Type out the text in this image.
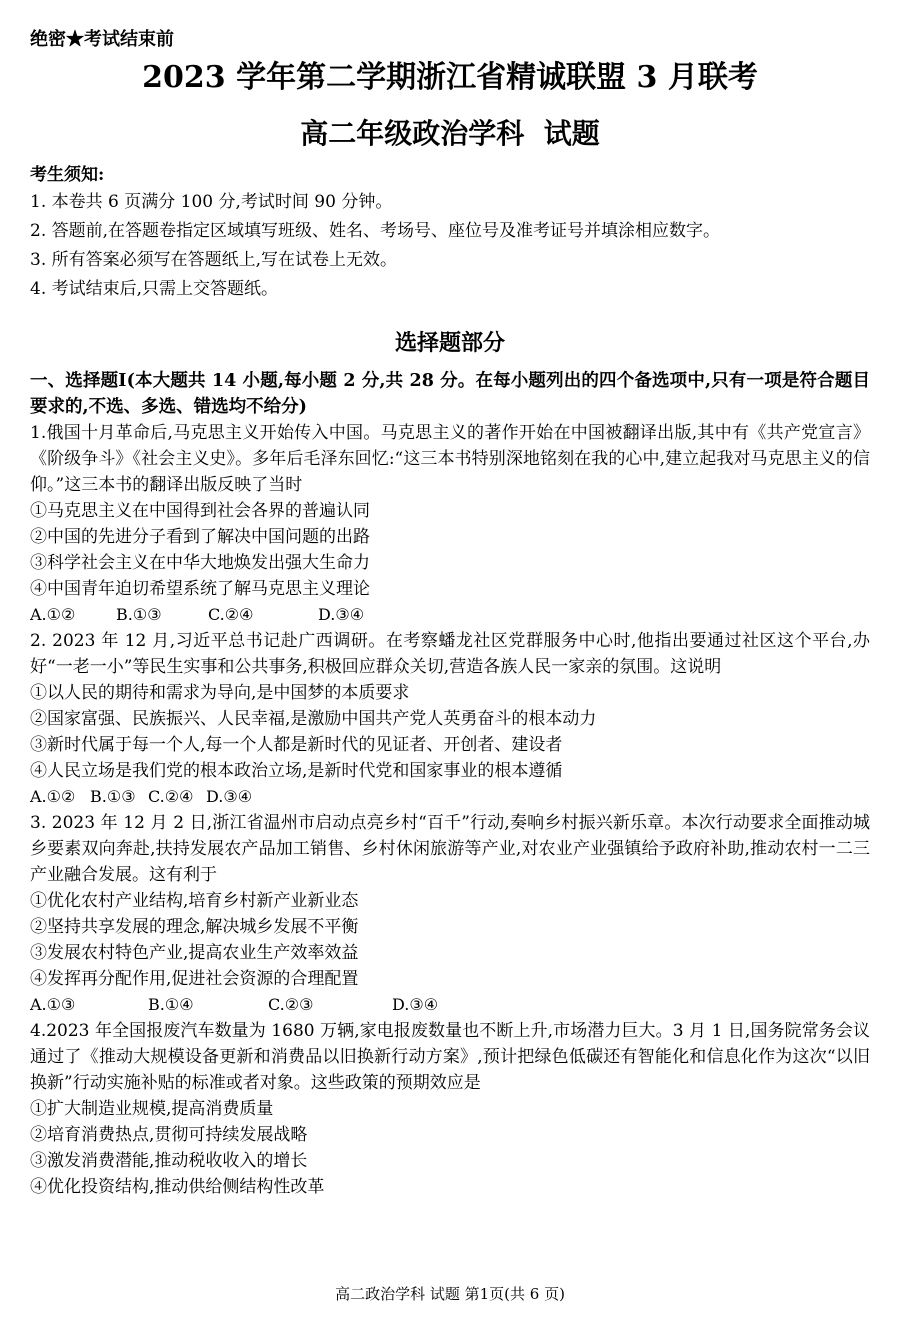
绝密★考试结束前
2023 学年第二学期浙江省精诚联盟 3 月联考
高二年级政治学科  试题
考生须知:
1. 本卷共 6 页满分 100 分,考试时间 90 分钟。
2. 答题前,在答题卷指定区域填写班级、姓名、考场号、座位号及准考证号并填涂相应数字。
3. 所有答案必须写在答题纸上,写在试卷上无效。
4. 考试结束后,只需上交答题纸。
选择题部分
一、选择题Ⅰ(本大题共 14 小题,每小题 2 分,共 28 分。在每小题列出的四个备选项中,只有一项是符合题目要求的,不选、多选、错选均不给分)
1.俄国十月革命后,马克思主义开始传入中国。马克思主义的著作开始在中国被翻译出版,其中有《共产党宣言》《阶级争斗》《社会主义史》。多年后毛泽东回忆:“这三本书特别深地铭刻在我的心中,建立起我对马克思主义的信仰。”这三本书的翻译出版反映了当时
①马克思主义在中国得到社会各界的普遍认同
②中国的先进分子看到了解决中国问题的出路
③科学社会主义在中华大地焕发出强大生命力
④中国青年迫切希望系统了解马克思主义理论
A.①②	B.①③	C.②④	D.③④
2. 2023 年 12 月,习近平总书记赴广西调研。在考察蟠龙社区党群服务中心时,他指出要通过社区这个平台,办好“一老一小”等民生实事和公共事务,积极回应群众关切,营造各族人民一家亲的氛围。这说明
①以人民的期待和需求为导向,是中国梦的本质要求
②国家富强、民族振兴、人民幸福,是激励中国共产党人英勇奋斗的根本动力
③新时代属于每一个人,每一个人都是新时代的见证者、开创者、建设者
④人民立场是我们党的根本政治立场,是新时代党和国家事业的根本遵循
A.①② B.①③ C.②④ D.③④
3. 2023 年 12 月 2 日,浙江省温州市启动点亮乡村“百千”行动,奏响乡村振兴新乐章。本次行动要求全面推动城乡要素双向奔赴,扶持发展农产品加工销售、乡村休闲旅游等产业,对农业产业强镇给予政府补助,推动农村一二三产业融合发展。这有利于
①优化农村产业结构,培育乡村新产业新业态
②坚持共享发展的理念,解决城乡发展不平衡
③发展农村特色产业,提高农业生产效率效益
④发挥再分配作用,促进社会资源的合理配置
A.①③	B.①④	C.②③	D.③④
4.2023 年全国报废汽车数量为 1680 万辆,家电报废数量也不断上升,市场潜力巨大。3 月 1 日,国务院常务会议通过了《推动大规模设备更新和消费品以旧换新行动方案》,预计把绿色低碳还有智能化和信息化作为这次“以旧换新”行动实施补贴的标准或者对象。这些政策的预期效应是
①扩大制造业规模,提高消费质量
②培育消费热点,贯彻可持续发展战略
③激发消费潜能,推动税收收入的增长
④优化投资结构,推动供给侧结构性改革
高二政治学科 试题 第1页(共 6 页)
